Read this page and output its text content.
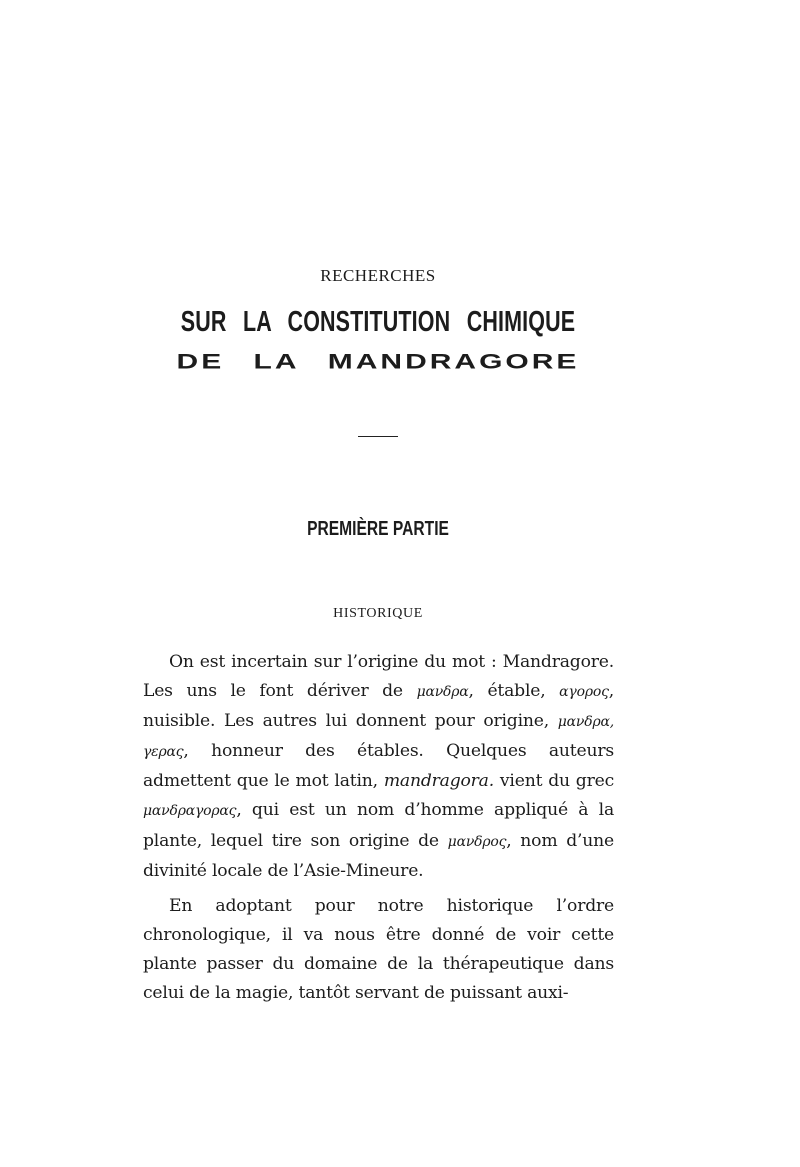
RECHERCHES
SUR LA CONSTITUTION CHIMIQUE
DE LA MANDRAGORE
PREMIÈRE PARTIE
HISTORIQUE

On est incertain sur l’origine du mot : Mandragore. Les uns le font dériver de μανδρα, étable, αγορος, nuisible. Les autres lui donnent pour origine, μανδρα, γερας, honneur des étables. Quelques auteurs admettent que le mot latin, mandragora. vient du grec μανδραγορας, qui est un nom d’homme appliqué à la plante, lequel tire son origine de μανδρος, nom d’une divinité locale de l’Asie-Mineure.

En adoptant pour notre historique l’ordre chronologique, il va nous être donné de voir cette plante passer du domaine de la thérapeutique dans celui de la magie, tantôt servant de puissant auxi-
